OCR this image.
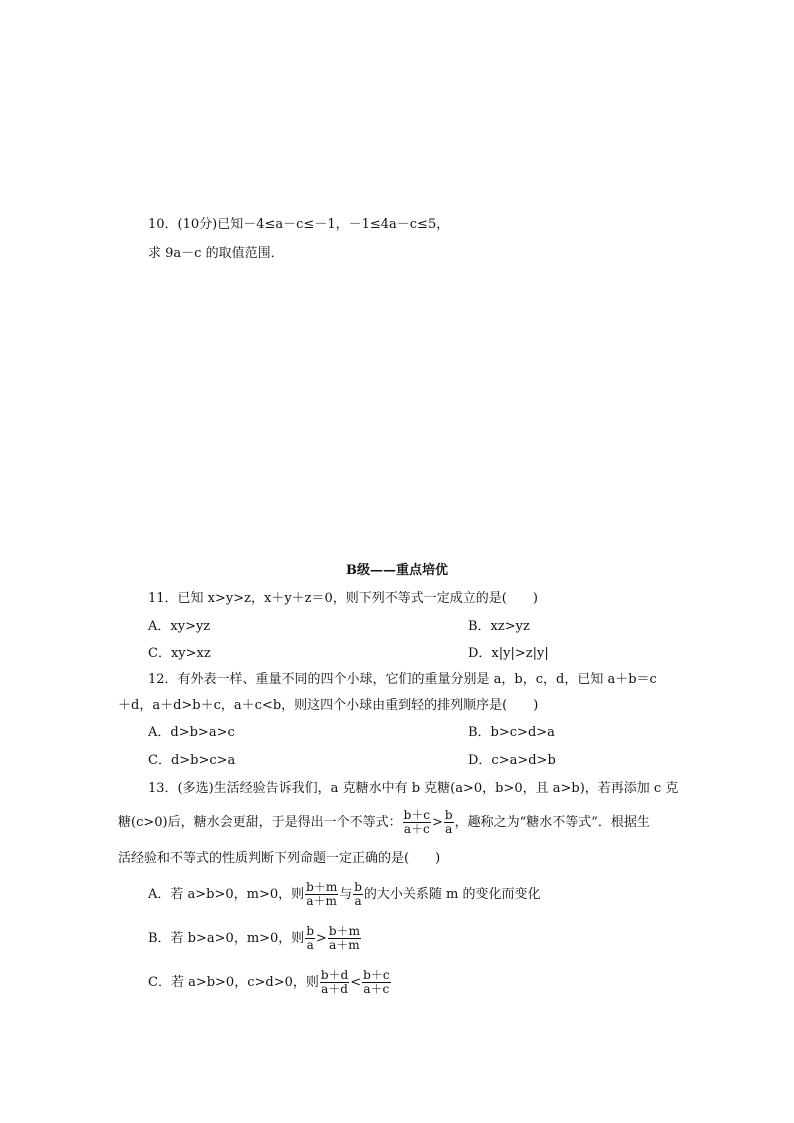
10．(10分)已知－4≤a－c≤－1，－1≤4a－c≤5，
求 9a－c 的取值范围．
B级——重点培优
11．已知 x>y>z，x＋y＋z＝0，则下列不等式一定成立的是(　　)
A．xy>yz	B．xz>yz
C．xy>xz	D．x|y|>z|y|
12．有外表一样、重量不同的四个小球，它们的重量分别是 a，b，c，d，已知 a＋b＝c
＋d，a＋d>b＋c，a＋c<b，则这四个小球由重到轻的排列顺序是(　　)
A．d>b>a>c	B．b>c>d>a
C．d>b>c>a	D．c>a>d>b
13．(多选)生活经验告诉我们，a 克糖水中有 b 克糖(a>0，b>0，且 a>b)，若再添加 c 克
糖(c>0)后，糖水会更甜，于是得出一个不等式： $\frac{b+c}{a+c} > \frac{b}{a}$ ，趣称之为“糖水不等式”．根据生
活经验和不等式的性质判断下列命题一定正确的是(　　)
A．若 a>b>0，m>0，则 $\frac{b+m}{a+m}$ 与 $\frac{b}{a}$ 的大小关系随 m 的变化而变化
B．若 b>a>0，m>0，则 $\frac{b}{a} > \frac{b+m}{a+m}$
C．若 a>b>0，c>d>0，则 $\frac{b+d}{a+d} < \frac{b+c}{a+c}$
